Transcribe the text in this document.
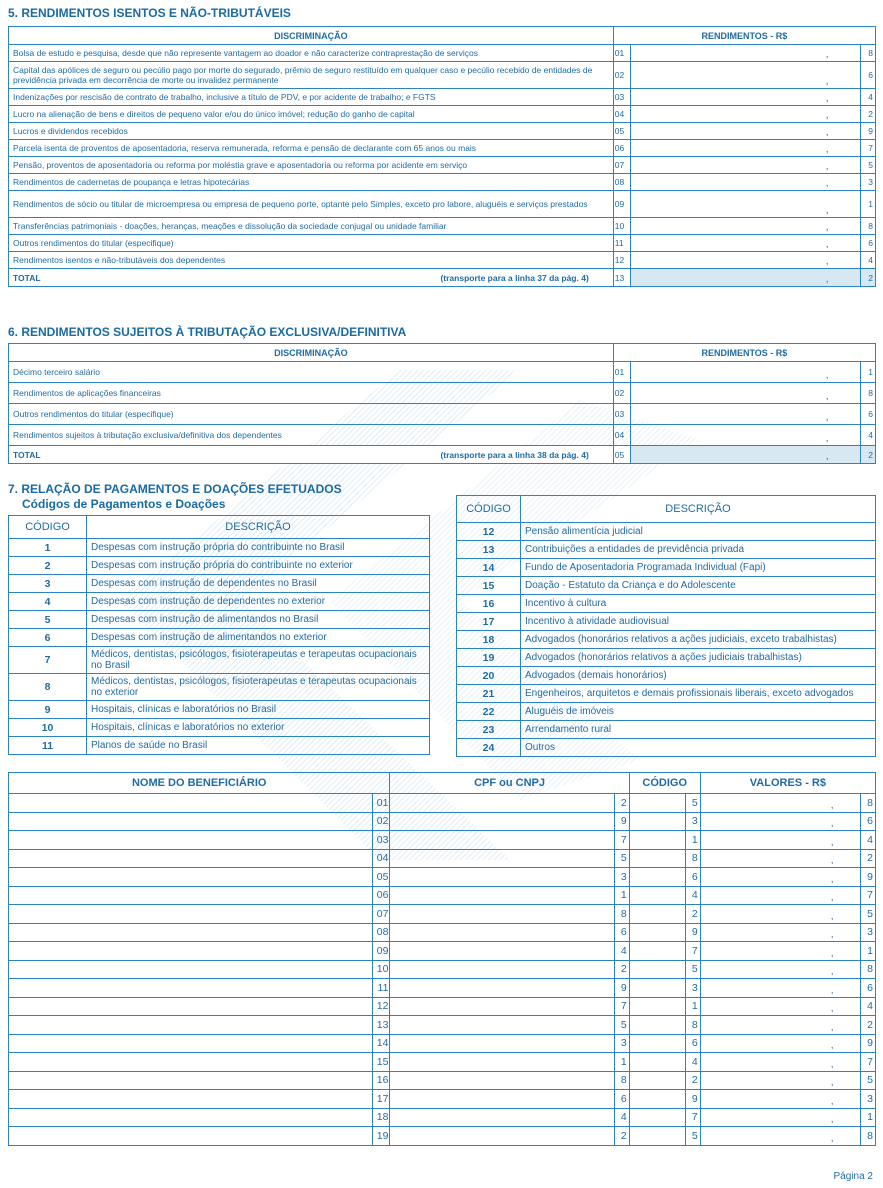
5. RENDIMENTOS ISENTOS E NÃO-TRIBUTÁVEIS
DISCRIMINAÇÃO	RENDIMENTOS - R$		
Bolsa de estudo e pesquisa, desde que não represente vantagem ao doador e não caracterize contraprestação de serviços	01	,	8
Capital das apólices de seguro ou pecúlio pago por morte do segurado, prêmio de seguro restituído em qualquer caso e pecúlio recebido de entidades de previdência privada em decorrência de morte ou invalidez permanente	02	,	6
Indenizações por rescisão de contrato de trabalho, inclusive a título de PDV, e por acidente de trabalho; e FGTS	03	,	4
Lucro na alienação de bens e direitos de pequeno valor e/ou do único imóvel; redução do ganho de capital	04	,	2
Lucros e dividendos recebidos	05	,	9
Parcela isenta de proventos de aposentadoria, reserva remunerada, reforma e pensão de declarante com 65 anos ou mais	06	,	7
Pensão, proventos de aposentadoria ou reforma por moléstia grave e aposentadoria ou reforma por acidente em serviço	07	,	5
Rendimentos de cadernetas de poupança e letras hipotecárias	08	,	3
Rendimentos de sócio ou titular de microempresa ou empresa de pequeno porte, optante pelo Simples, exceto pro labore, aluguéis e serviços prestados	09	,	1
Transferências patrimoniais - doações, heranças, meações e dissolução da sociedade conjugal ou unidade familiar	10	,	8
Outros rendimentos do titular (especifique)	11	,	6
Rendimentos isentos e não-tributáveis dos dependentes	12	,	4
TOTAL (transporte para a linha 37 da pág. 4)	13	,	2
6. RENDIMENTOS SUJEITOS À TRIBUTAÇÃO EXCLUSIVA/DEFINITIVA
DISCRIMINAÇÃO	RENDIMENTOS - R$		
Décimo terceiro salário	01	,	1
Rendimentos de aplicações financeiras	02	,	8
Outros rendimentos do titular (especifique)	03	,	6
Rendimentos sujeitos à tributação exclusiva/definitiva dos dependentes	04	,	4
TOTAL (transporte para a linha 38 da pág. 4)	05	,	2
7. RELAÇÃO DE PAGAMENTOS E DOAÇÕES EFETUADOS
Códigos de Pagamentos e Doações
CÓDIGO	DESCRIÇÃO
1	Despesas com instrução própria do contribuinte no Brasil
2	Despesas com instrução própria do contribuinte no exterior
3	Despesas com instrução de dependentes no Brasil
4	Despesas com instrução de dependentes no exterior
5	Despesas com instrução de alimentandos no Brasil
6	Despesas com instrução de alimentandos no exterior
7	Médicos, dentistas, psicólogos, fisioterapeutas e terapeutas ocupacionais no Brasil
8	Médicos, dentistas, psicólogos, fisioterapeutas e terapeutas ocupacionais no exterior
9	Hospitais, clínicas e laboratórios no Brasil
10	Hospitais, clínicas e laboratórios no exterior
11	Planos de saúde no Brasil
CÓDIGO	DESCRIÇÃO
12	Pensão alimentícia judicial
13	Contribuições a entidades de previdência privada
14	Fundo de Aposentadoria Programada Individual (Fapi)
15	Doação - Estatuto da Criança e do Adolescente
16	Incentivo à cultura
17	Incentivo à atividade audiovisual
18	Advogados (honorários relativos a ações judiciais, exceto trabalhistas)
19	Advogados (honorários relativos a ações judiciais trabalhistas)
20	Advogados (demais honorários)
21	Engenheiros, arquitetos e demais profissionais liberais, exceto advogados
22	Aluguéis de imóveis
23	Arrendamento rural
24	Outros
NOME DO BENEFICIÁRIO		CPF ou CNPJ		CÓDIGO		VALORES - R$	
	01		2		5	,	8
	02		9		3	,	6
	03		7		1	,	4
	04		5		8	,	2
	05		3		6	,	9
	06		1		4	,	7
	07		8		2	,	5
	08		6		9	,	3
	09		4		7	,	1
	10		2		5	,	8
	11		9		3	,	6
	12		7		1	,	4
	13		5		8	,	2
	14		3		6	,	9
	15		1		4	,	7
	16		8		2	,	5
	17		6		9	,	3
	18		4		7	,	1
	19		2		5	,	8
Página 2
